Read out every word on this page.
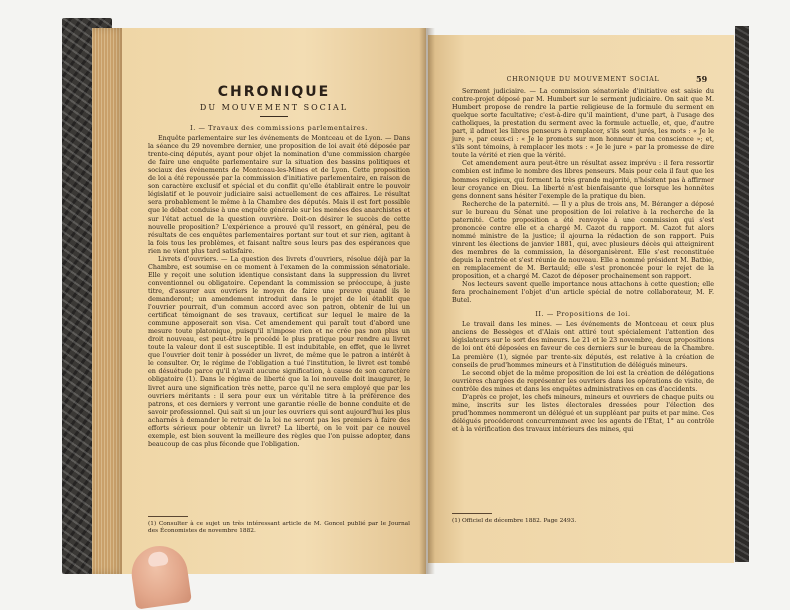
CHRONIQUE
DU MOUVEMENT SOCIAL

I. — Travaux des commissions parlementaires.

Enquête parlementaire sur les événements de Montceau et de Lyon. — Dans la séance du 29 novembre dernier, une proposition de loi avait été déposée par trente-cinq députés, ayant pour objet la nomination d'une commission chargée de faire une enquête parlementaire sur la situation des bassins politiques et sociaux des événements de Montceau-les-Mines et de Lyon. Cette proposition de loi a été repoussée par la commission d'initiative parlementaire, en raison de son caractère exclusif et spécial et du conflit qu'elle établirait entre le pouvoir législatif et le pouvoir judiciaire saisi actuellement de ces affaires. Le résultat sera probablement le même à la Chambre des députés. Mais il est fort possible que le débat conduise à une enquête générale sur les menées des anarchistes et sur l'état actuel de la question ouvrière. Doit-on désirer le succès de cette nouvelle proposition? L'expérience a prouvé qu'il ressort, en général, peu de résultats de ces enquêtes parlementaires portant sur tout et sur rien, agitant à la fois tous les problèmes, et faisant naître sous leurs pas des espérances que rien ne vient plus tard satisfaire.

Livrets d'ouvriers. — La question des livrets d'ouvriers, résolue déjà par la Chambre, est soumise en ce moment à l'examen de la commission sénatoriale. Elle y reçoit une solution identique consistant dans la suppression du livret conventionnel ou obligatoire. Cependant la commission se préoccupe, à juste titre, d'assurer aux ouvriers le moyen de faire une preuve quand ils le demanderont; un amendement introduit dans le projet de loi établit que l'ouvrier pourrait, d'un commun accord avec son patron, obtenir de lui un certificat témoignant de ses travaux, certificat sur lequel le maire de la commune apposerait son visa. Cet amendement qui paraît tout d'abord une mesure toute platonique, puisqu'il n'impose rien et ne crée pas non plus un droit nouveau, est peut-être le procédé le plus pratique pour rendre au livret toute la valeur dont il est susceptible. Il est indubitable, en effet, que le livret que l'ouvrier doit tenir à posséder un livret, de même que le patron a intérêt à le consulter. Or, le régime de l'obligation a tué l'institution, le livret est tombé en désuétude parce qu'il n'avait aucune signification, à cause de son caractère obligatoire (1). Dans le régime de liberté que la loi nouvelle doit inaugurer, le livret aura une signification très nette, parce qu'il ne sera employé que par les ouvriers méritants : il sera pour eux un véritable titre à la préférence des patrons, et ces derniers y verront une garantie réelle de bonne conduite et de savoir professionnel. Qui sait si un jour les ouvriers qui sont aujourd'hui les plus acharnés à demander le retrait de la loi ne seront pas les premiers à faire des efforts sérieux pour obtenir un livret? La liberté, on le voit par ce nouvel exemple, est bien souvent la meilleure des règles que l'on puisse adopter, dans beaucoup de cas plus féconde que l'obligation.

(1) Consulter à ce sujet un très intéressant article de M. Goncel publié par le Journal des Économistes de novembre 1882.
CHRONIQUE DU MOUVEMENT SOCIAL	59

Serment judiciaire. — La commission sénatoriale d'initiative est saisie du contre-projet déposé par M. Humbert sur le serment judiciaire. On sait que M. Humbert propose de rendre la partie religieuse de la formule du serment en quelque sorte facultative; c'est-à-dire qu'il maintient, d'une part, à l'usage des catholiques, la prestation du serment avec la formule actuelle, et, que, d'autre part, il admet les libres penseurs à remplacer, s'ils sont jurés, les mots : « Je le jure », par ceux-ci : « Je le promets sur mon honneur et ma conscience »; et, s'ils sont témoins, à remplacer les mots : « Je le jure » par la promesse de dire toute la vérité et rien que la vérité.

Cet amendement aura peut-être un résultat assez imprévu : il fera ressortir combien est infime le nombre des libres penseurs. Mais pour cela il faut que les hommes religieux, qui forment la très grande majorité, n'hésitent pas à affirmer leur croyance en Dieu. La liberté n'est bienfaisante que lorsque les honnêtes gens donnent sans hésiter l'exemple de la pratique du bien.

Recherche de la paternité. — Il y a plus de trois ans, M. Béranger a déposé sur le bureau du Sénat une proposition de loi relative à la recherche de la paternité. Cette proposition a été renvoyée à une commission qui s'est prononcée contre elle et a chargé M. Cazot du rapport. M. Cazot fut alors nommé ministre de la justice; il ajourna la rédaction de son rapport. Puis vinrent les élections de janvier 1881, qui, avec plusieurs décès qui atteignirent des membres de la commission, la désorganisèrent. Elle s'est reconstituée depuis la rentrée et s'est réunie de nouveau. Elle a nommé président M. Batbie, en remplacement de M. Bertauld; elle s'est prononcée pour le rejet de la proposition, et a chargé M. Cazot de déposer prochainement son rapport.

Nos lecteurs savent quelle importance nous attachons à cette question; elle fera prochainement l'objet d'un article spécial de notre collaborateur, M. F. Butel.

II. — Propositions de loi.

Le travail dans les mines. — Les événements de Montceau et ceux plus anciens de Bessèges et d'Alais ont attiré tout spécialement l'attention des législateurs sur le sort des mineurs. Le 21 et le 23 novembre, deux propositions de loi ont été déposées en faveur de ces derniers sur le bureau de la Chambre. La première (1), signée par trente-six députés, est relative à la création de conseils de prud'hommes mineurs et à l'institution de délégués mineurs.

Le second objet de la même proposition de loi est la création de délégations ouvrières chargées de représenter les ouvriers dans les opérations de visite, de contrôle des mines et dans les enquêtes administratives en cas d'accidents.

D'après ce projet, les chefs mineurs, mineurs et ouvriers de chaque puits ou mine, inscrits sur les listes électorales dressées pour l'élection des prud'hommes nommeront un délégué et un suppléant par puits et par mine. Ces délégués procéderont concurremment avec les agents de l'État, 1° au contrôle et à la vérification des travaux intérieurs des mines, qui

(1) Officiel de décembre 1882. Page 2493.
